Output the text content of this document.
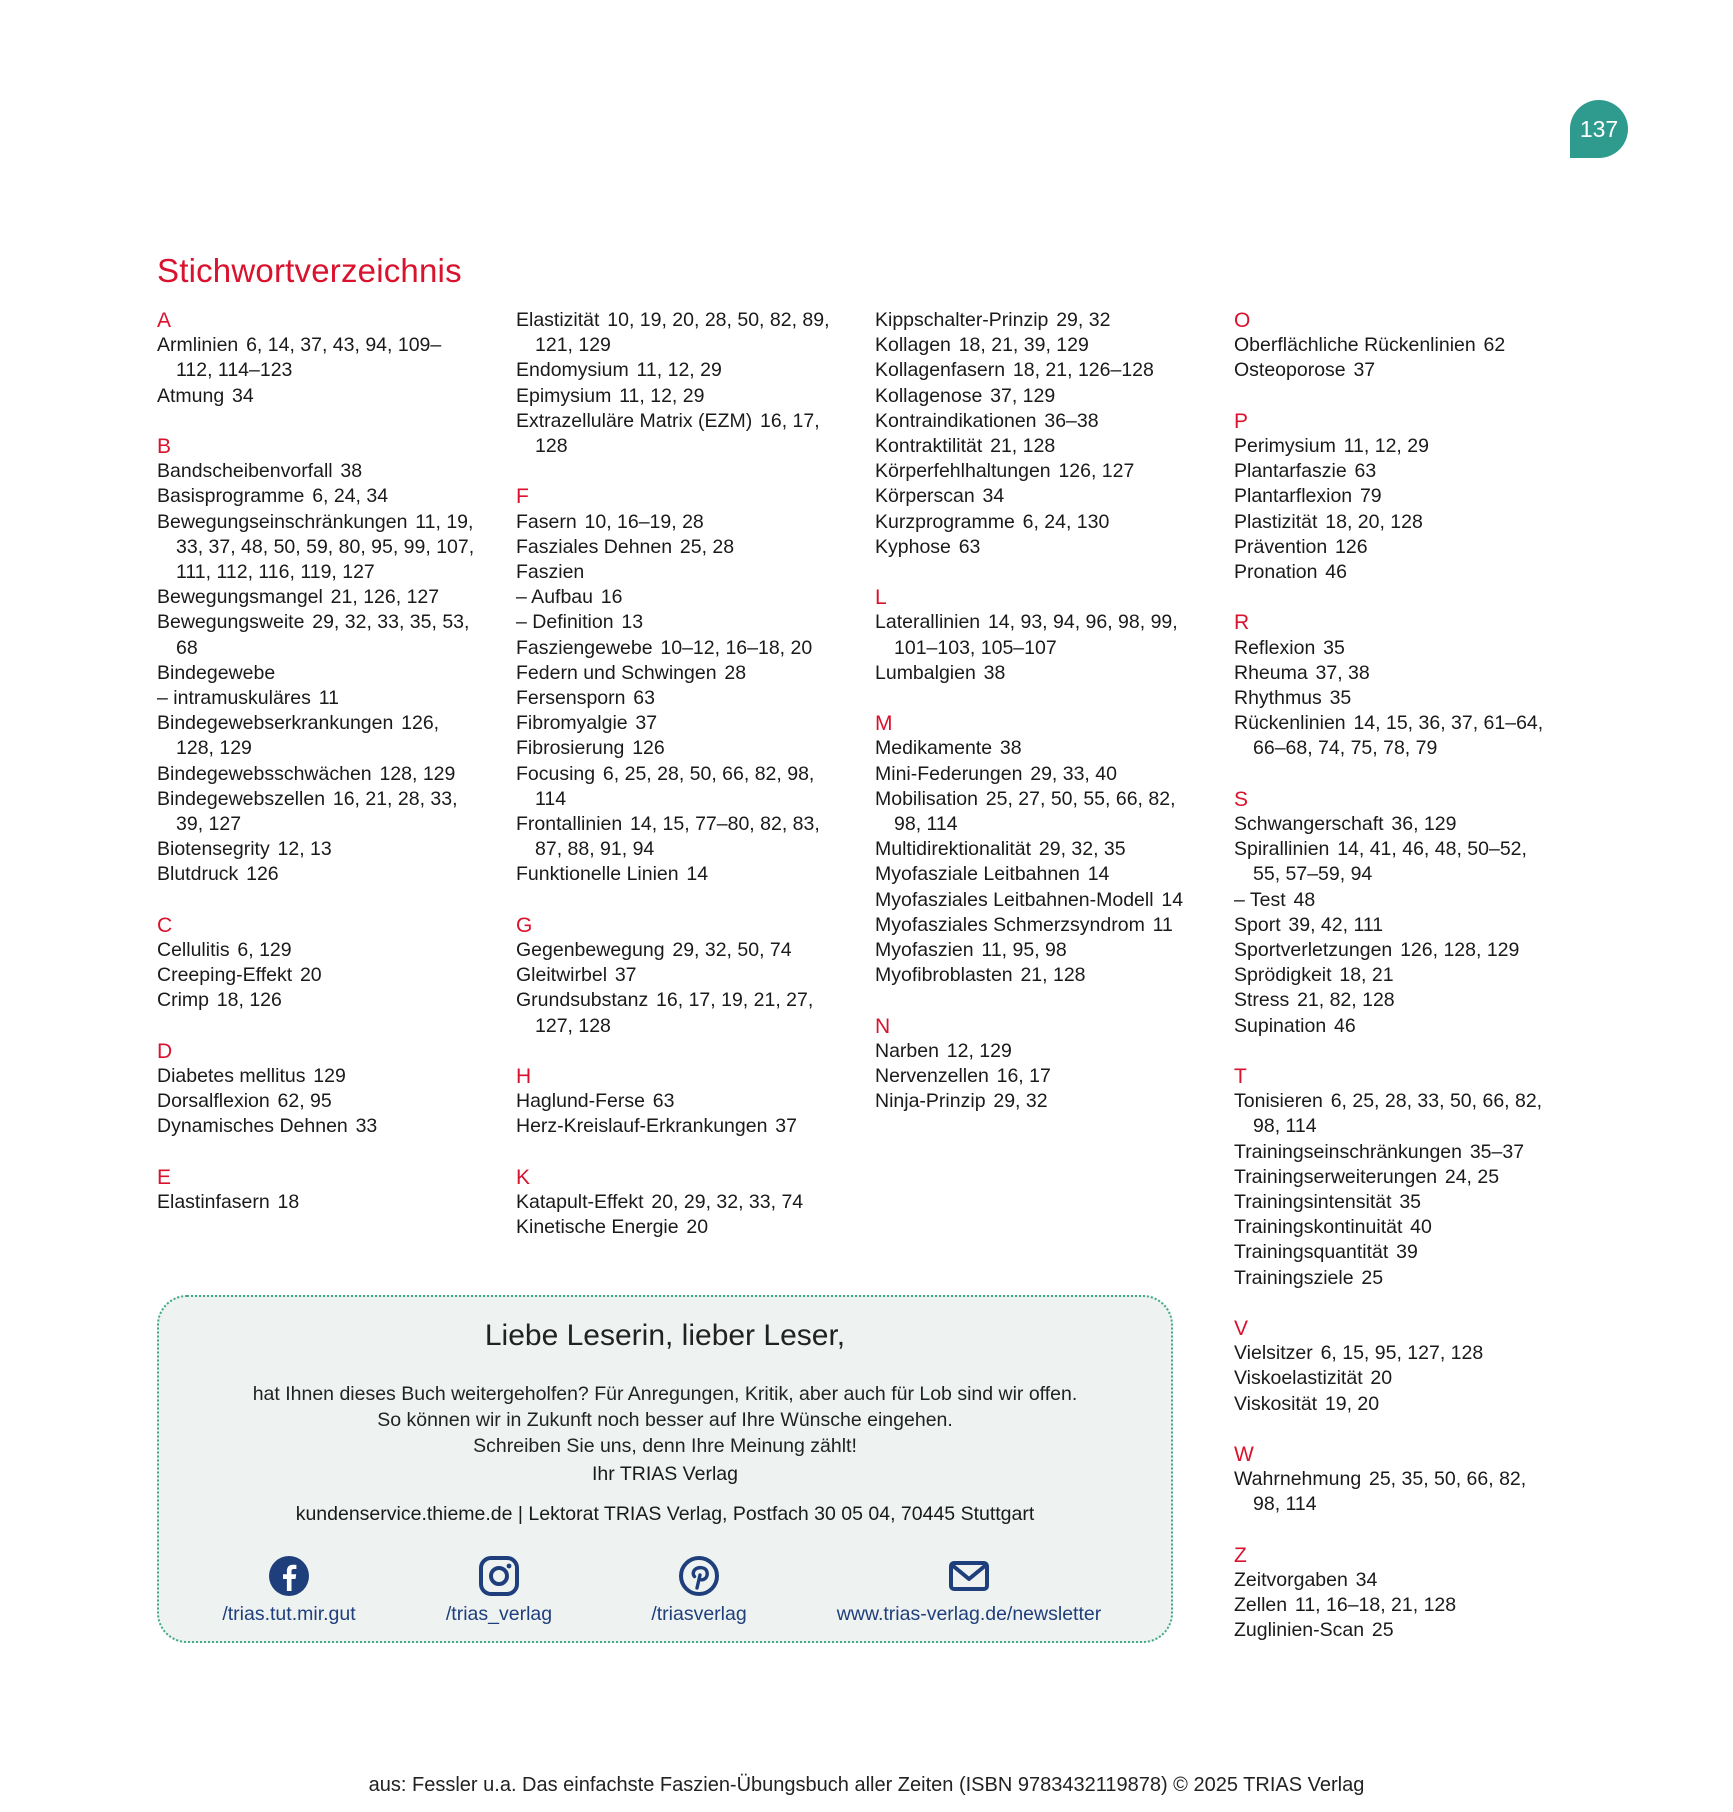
137
Stichwortverzeichnis
A
Armlinien 6, 14, 37, 43, 94, 109–112, 114–123
Atmung 34
B
Bandscheibenvorfall 38
Basisprogramme 6, 24, 34
Bewegungseinschränkungen 11, 19, 33, 37, 48, 50, 59, 80, 95, 99, 107, 111, 112, 116, 119, 127
Bewegungsmangel 21, 126, 127
Bewegungsweite 29, 32, 33, 35, 53, 68
Bindegewebe
– intramuskuläres 11
Bindegewebserkrankungen 126, 128, 129
Bindegewebsschwächen 128, 129
Bindegewebszellen 16, 21, 28, 33, 39, 127
Biotensegrity 12, 13
Blutdruck 126
C
Cellulitis 6, 129
Creeping-Effekt 20
Crimp 18, 126
D
Diabetes mellitus 129
Dorsalflexion 62, 95
Dynamisches Dehnen 33
E
Elastinfasern 18
Elastizität 10, 19, 20, 28, 50, 82, 89, 121, 129
Endomysium 11, 12, 29
Epimysium 11, 12, 29
Extrazelluläre Matrix (EZM) 16, 17, 128
F
Fasern 10, 16–19, 28
Fasziales Dehnen 25, 28
Faszien
– Aufbau 16
– Definition 13
Fasziengewebe 10–12, 16–18, 20
Federn und Schwingen 28
Fersensporn 63
Fibromyalgie 37
Fibrosierung 126
Focusing 6, 25, 28, 50, 66, 82, 98, 114
Frontallinien 14, 15, 77–80, 82, 83, 87, 88, 91, 94
Funktionelle Linien 14
G
Gegenbewegung 29, 32, 50, 74
Gleitwirbel 37
Grundsubstanz 16, 17, 19, 21, 27, 127, 128
H
Haglund-Ferse 63
Herz-Kreislauf-Erkrankungen 37
K
Katapult-Effekt 20, 29, 32, 33, 74
Kinetische Energie 20
Kippschalter-Prinzip 29, 32
Kollagen 18, 21, 39, 129
Kollagenfasern 18, 21, 126–128
Kollagenose 37, 129
Kontraindikationen 36–38
Kontraktilität 21, 128
Körperfehlhaltungen 126, 127
Körperscan 34
Kurzprogramme 6, 24, 130
Kyphose 63
L
Laterallinien 14, 93, 94, 96, 98, 99, 101–103, 105–107
Lumbalgien 38
M
Medikamente 38
Mini-Federungen 29, 33, 40
Mobilisation 25, 27, 50, 55, 66, 82, 98, 114
Multidirektionalität 29, 32, 35
Myofasziale Leitbahnen 14
Myofasziales Leitbahnen-Modell 14
Myofasziales Schmerzsyndrom 11
Myofaszien 11, 95, 98
Myofibroblasten 21, 128
N
Narben 12, 129
Nervenzellen 16, 17
Ninja-Prinzip 29, 32
O
Oberflächliche Rückenlinien 62
Osteoporose 37
P
Perimysium 11, 12, 29
Plantarfaszie 63
Plantarflexion 79
Plastizität 18, 20, 128
Prävention 126
Pronation 46
R
Reflexion 35
Rheuma 37, 38
Rhythmus 35
Rückenlinien 14, 15, 36, 37, 61–64, 66–68, 74, 75, 78, 79
S
Schwangerschaft 36, 129
Spirallinien 14, 41, 46, 48, 50–52, 55, 57–59, 94
– Test 48
Sport 39, 42, 111
Sportverletzungen 126, 128, 129
Sprödigkeit 18, 21
Stress 21, 82, 128
Supination 46
T
Tonisieren 6, 25, 28, 33, 50, 66, 82, 98, 114
Trainingseinschränkungen 35–37
Trainingserweiterungen 24, 25
Trainingsintensität 35
Trainingskontinuität 40
Trainingsquantität 39
Trainingsziele 25
V
Vielsitzer 6, 15, 95, 127, 128
Viskoelastizität 20
Viskosität 19, 20
W
Wahrnehmung 25, 35, 50, 66, 82, 98, 114
Z
Zeitvorgaben 34
Zellen 11, 16–18, 21, 128
Zuglinien-Scan 25
Liebe Leserin, lieber Leser,
hat Ihnen dieses Buch weitergeholfen? Für Anregungen, Kritik, aber auch für Lob sind wir offen.
So können wir in Zukunft noch besser auf Ihre Wünsche eingehen.
Schreiben Sie uns, denn Ihre Meinung zählt!
Ihr TRIAS Verlag
kundenservice.thieme.de | Lektorat TRIAS Verlag, Postfach 30 05 04, 70445 Stuttgart
/trias.tut.mir.gut	/trias_verlag	/triasverlag	www.trias-verlag.de/newsletter
aus: Fessler u.a. Das einfachste Faszien-Übungsbuch aller Zeiten (ISBN 9783432119878) © 2025 TRIAS Verlag
